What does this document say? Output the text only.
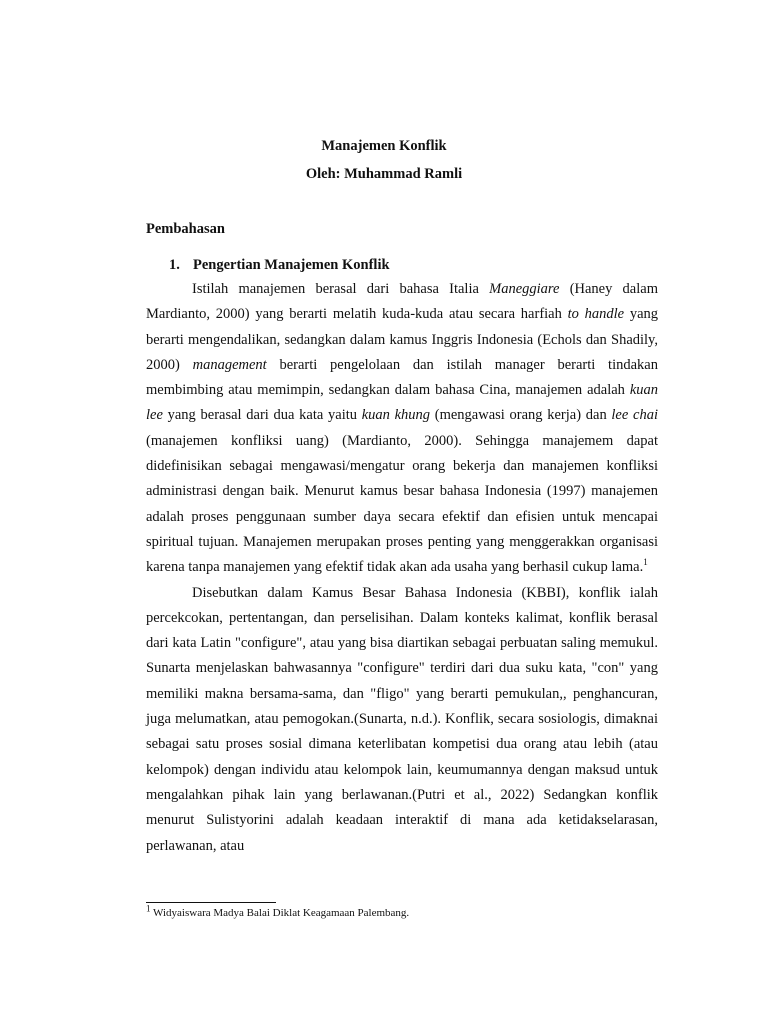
Manajemen Konflik
Oleh: Muhammad Ramli
Pembahasan
1. Pengertian Manajemen Konflik

Istilah manajemen berasal dari bahasa Italia Maneggiare (Haney dalam Mardianto, 2000) yang berarti melatih kuda-kuda atau secara harfiah to handle yang berarti mengendalikan, sedangkan dalam kamus Inggris Indonesia (Echols dan Shadily, 2000) management berarti pengelolaan dan istilah manager berarti tindakan membimbing atau memimpin, sedangkan dalam bahasa Cina, manajemen adalah kuan lee yang berasal dari dua kata yaitu kuan khung (mengawasi orang kerja) dan lee chai (manajemen konfliksi uang) (Mardianto, 2000). Sehingga manajemem dapat didefinisikan sebagai mengawasi/mengatur orang bekerja dan manajemen konfliksi administrasi dengan baik. Menurut kamus besar bahasa Indonesia (1997) manajemen adalah proses penggunaan sumber daya secara efektif dan efisien untuk mencapai spiritual tujuan. Manajemen merupakan proses penting yang menggerakkan organisasi karena tanpa manajemen yang efektif tidak akan ada usaha yang berhasil cukup lama.$^1$

Disebutkan dalam Kamus Besar Bahasa Indonesia (KBBI), konflik ialah percekcokan, pertentangan, dan perselisihan. Dalam konteks kalimat, konflik berasal dari kata Latin "configure", atau yang bisa diartikan sebagai perbuatan saling memukul. Sunarta menjelaskan bahwasannya "configure" terdiri dari dua suku kata, "con" yang memiliki makna bersama-sama, dan "fligo" yang berarti pemukulan,, penghancuran, juga melumatkan, atau pemogokan.(Sunarta, n.d.). Konflik, secara sosiologis, dimaknai sebagai satu proses sosial dimana keterlibatan kompetisi dua orang atau lebih (atau kelompok) dengan individu atau kelompok lain, keumumannya dengan maksud untuk mengalahkan pihak lain yang berlawanan.(Putri et al., 2022) Sedangkan konflik menurut Sulistyorini adalah keadaan interaktif di mana ada ketidakselarasan, perlawanan, atau

$^1$ Widyaiswara Madya Balai Diklat Keagamaan Palembang.
